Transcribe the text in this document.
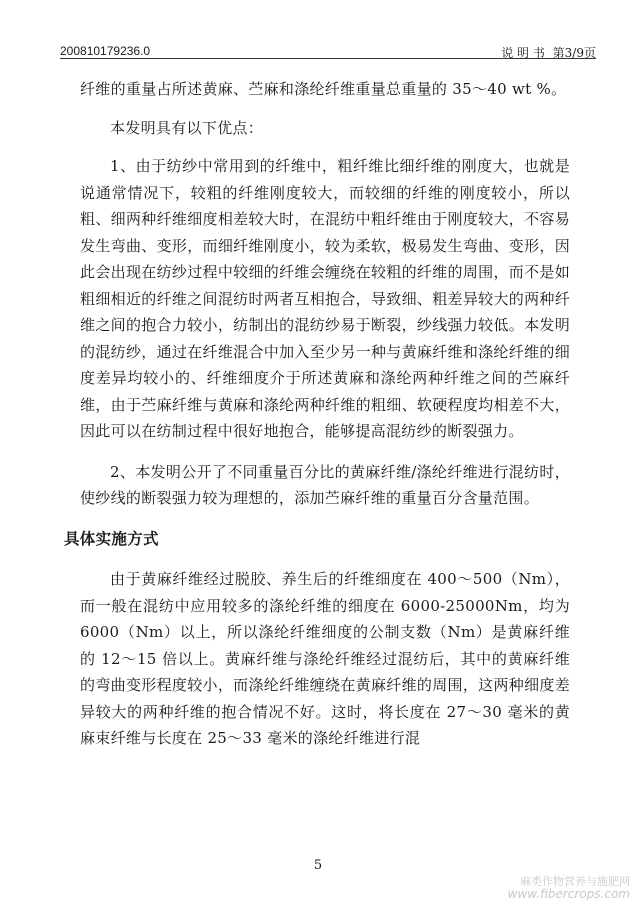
200810179236.0	说 明 书 第3/9页

纤维的重量占所述黄麻、苎麻和涤纶纤维重量总重量的 35～40 wt %。

本发明具有以下优点：

1、由于纺纱中常用到的纤维中，粗纤维比细纤维的刚度大，也就是说通常情况下，较粗的纤维刚度较大，而较细的纤维的刚度较小，所以粗、细两种纤维细度相差较大时，在混纺中粗纤维由于刚度较大，不容易发生弯曲、变形，而细纤维刚度小，较为柔软，极易发生弯曲、变形，因此会出现在纺纱过程中较细的纤维会缠绕在较粗的纤维的周围，而不是如粗细相近的纤维之间混纺时两者互相抱合，导致细、粗差异较大的两种纤维之间的抱合力较小，纺制出的混纺纱易于断裂，纱线强力较低。本发明的混纺纱，通过在纤维混合中加入至少另一种与黄麻纤维和涤纶纤维的细度差异均较小的、纤维细度介于所述黄麻和涤纶两种纤维之间的苎麻纤维，由于苎麻纤维与黄麻和涤纶两种纤维的粗细、软硬程度均相差不大，因此可以在纺制过程中很好地抱合，能够提高混纺纱的断裂强力。

2、本发明公开了不同重量百分比的黄麻纤维/涤纶纤维进行混纺时，使纱线的断裂强力较为理想的，添加苎麻纤维的重量百分含量范围。

具体实施方式

由于黄麻纤维经过脱胶、养生后的纤维细度在 400～500（Nm），而一般在混纺中应用较多的涤纶纤维的细度在 6000-25000Nm，均为 6000（Nm）以上，所以涤纶纤维细度的公制支数（Nm）是黄麻纤维的 12～15 倍以上。黄麻纤维与涤纶纤维经过混纺后，其中的黄麻纤维的弯曲变形程度较小，而涤纶纤维缠绕在黄麻纤维的周围，这两种细度差异较大的两种纤维的抱合情况不好。这时，将长度在 27～30 毫米的黄麻束纤维与长度在 25～33 毫米的涤纶纤维进行混

5
麻类作物营养与施肥网
www.fibercrops.com
